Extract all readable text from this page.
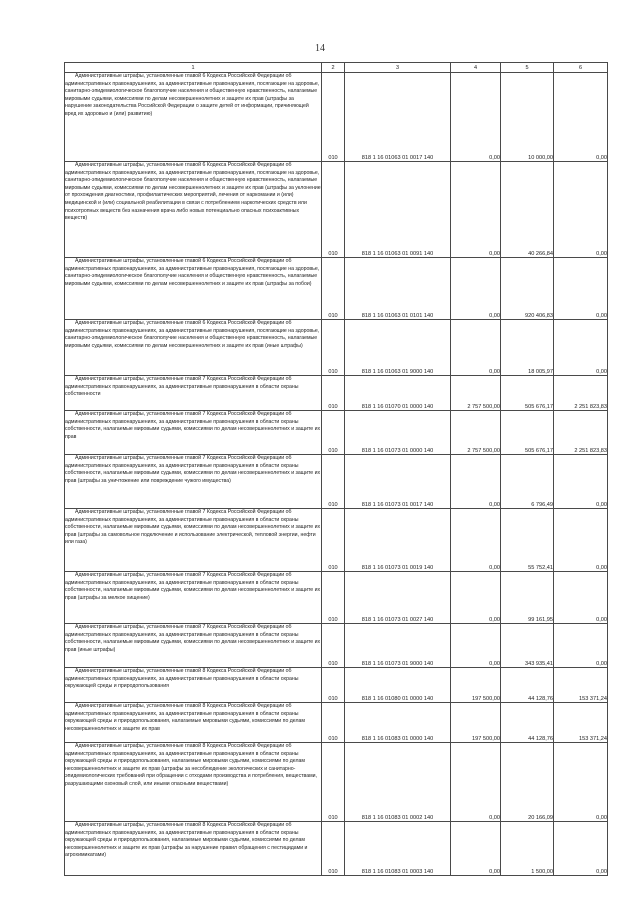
14
1	2	3	4	5	6

Административные штрафы, установленные главой 6 Кодекса Российской Федерации об административных правонарушениях, за административные правонарушения, посягающие на здоровье, санитарно-эпидемиологическое благополучие населения и общественную нравственность, налагаемые мировыми судьями, комиссиями по делам несовершеннолетних и защите их прав (штрафы за нарушение законодательства Российской Федерации о защите детей от информации, причиняющей вред их здоровью и (или) развитию)	010	818 1 16 01063 01 0017 140	0,00	10 000,00	0,00

Административные штрафы, установленные главой 6 Кодекса Российской Федерации об административных правонарушениях, за административные правонарушения, посягающие на здоровье, санитарно-эпидемиологическое благополучие населения и общественную нравственность, налагаемые мировыми судьями, комиссиями по делам несовершеннолетних и защите их прав (штрафы за уклонение от прохождения диагностики, профилактических мероприятий, лечения от наркомании и (или) медицинской и (или) социальной реабилитации в связи с потреблением наркотических средств или психотропных веществ без назначения врача либо новых потенциально опасных психоактивных веществ)	010	818 1 16 01063 01 0091 140	0,00	40 266,84	0,00

Административные штрафы, установленные главой 6 Кодекса Российской Федерации об административных правонарушениях, за административные правонарушения, посягающие на здоровье, санитарно-эпидемиологическое благополучие населения и общественную нравственность, налагаемые мировыми судьями, комиссиями по делам несовершеннолетних и защите их прав (штрафы за побои)	010	818 1 16 01063 01 0101 140	0,00	920 406,83	0,00

Административные штрафы, установленные главой 6 Кодекса Российской Федерации об административных правонарушениях, за административные правонарушения, посягающие на здоровье, санитарно-эпидемиологическое благополучие населения и общественную нравственность, налагаемые мировыми судьями, комиссиями по делам несовершеннолетних и защите их прав (иные штрафы)	010	818 1 16 01063 01 9000 140	0,00	18 005,97	0,00

Административные штрафы, установленные главой 7 Кодекса Российской Федерации об административных правонарушениях, за административные правонарушения в области охраны собственности	010	818 1 16 01070 01 0000 140	2 757 500,00	505 676,17	2 251 823,83

Административные штрафы, установленные главой 7 Кодекса Российской Федерации об административных правонарушениях, за административные правонарушения в области охраны собственности, налагаемые мировыми судьями, комиссиями по делам несовершеннолетних и защите их прав	010	818 1 16 01073 01 0000 140	2 757 500,00	505 676,17	2 251 823,83

Административные штрафы, установленные главой 7 Кодекса Российской Федерации об административных правонарушениях, за административные правонарушения в области охраны собственности, налагаемые мировыми судьями, комиссиями по делам несовершеннолетних и защите их прав (штрафы за уничтожение или повреждение чужого имущества)	010	818 1 16 01073 01 0017 140	0,00	6 796,49	0,00

Административные штрафы, установленные главой 7 Кодекса Российской Федерации об административных правонарушениях, за административные правонарушения в области охраны собственности, налагаемые мировыми судьями, комиссиями по делам несовершеннолетних и защите их прав (штрафы за самовольное подключение и использование электрической, тепловой энергии, нефти или газа)	010	818 1 16 01073 01 0019 140	0,00	55 752,41	0,00

Административные штрафы, установленные главой 7 Кодекса Российской Федерации об административных правонарушениях, за административные правонарушения в области охраны собственности, налагаемые мировыми судьями, комиссиями по делам несовершеннолетних и защите их прав (штрафы за мелкое хищение)	010	818 1 16 01073 01 0027 140	0,00	99 161,95	0,00

Административные штрафы, установленные главой 7 Кодекса Российской Федерации об административных правонарушениях, за административные правонарушения в области охраны собственности, налагаемые мировыми судьями, комиссиями по делам несовершеннолетних и защите их прав (иные штрафы)	010	818 1 16 01073 01 9000 140	0,00	343 935,41	0,00

Административные штрафы, установленные главой 8 Кодекса Российской Федерации об административных правонарушениях, за административные правонарушения в области охраны окружающей среды и природопользования	010	818 1 16 01080 01 0000 140	197 500,00	44 128,76	153 371,24

Административные штрафы, установленные главой 8 Кодекса Российской Федерации об административных правонарушениях, за административные правонарушения в области охраны окружающей среды и природопользования, налагаемые мировыми судьями, комиссиями по делам несовершеннолетних и защите их прав	010	818 1 16 01083 01 0000 140	197 500,00	44 128,76	153 371,24

Административные штрафы, установленные главой 8 Кодекса Российской Федерации об административных правонарушениях, за административные правонарушения в области охраны окружающей среды и природопользования, налагаемые мировыми судьями, комиссиями по делам несовершеннолетних и защите их прав (штрафы за несоблюдение экологических и санитарно-эпидемиологических требований при обращении с отходами производства и потребления, веществами, разрушающими озоновый слой, или иными опасными веществами)	010	818 1 16 01083 01 0002 140	0,00	20 166,09	0,00

Административные штрафы, установленные главой 8 Кодекса Российской Федерации об административных правонарушениях, за административные правонарушения в области охраны окружающей среды и природопользования, налагаемые мировыми судьями, комиссиями по делам несовершеннолетних и защите их прав (штрафы за нарушение правил обращения с пестицидами и агрохимикатами)	010	818 1 16 01083 01 0003 140	0,00	1 500,00	0,00
